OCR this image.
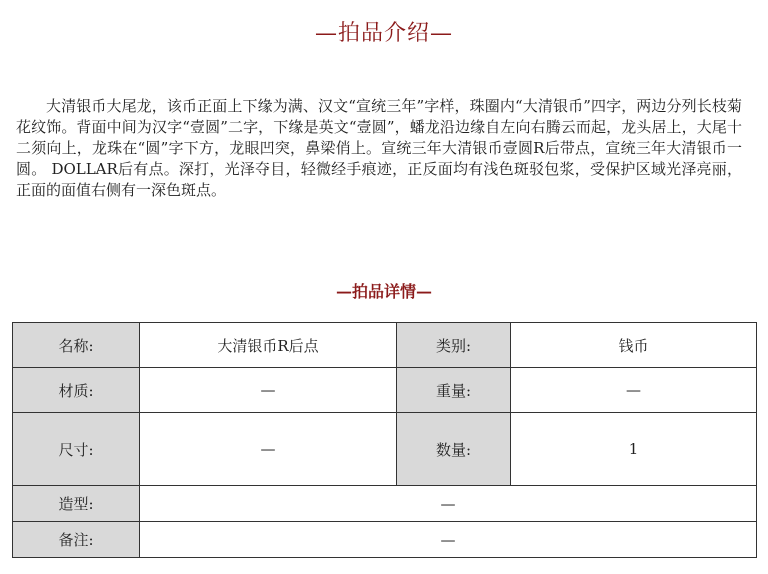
—拍品介绍—

大清银币大尾龙，该币正面上下缘为满、汉文“宣统三年”字样，珠圈内“大清银币”四字，两边分列长枝菊花纹饰。背面中间为汉字“壹圆”二字，下缘是英文“壹圆”，蟠龙沿边缘自左向右腾云而起，龙头居上，大尾十二须向上，龙珠在“圆”字下方，龙眼凹突，鼻梁俏上。宣统三年大清银币壹圆R后带点，宣统三年大清银币一圆。 DOLLAR后有点。深打，光泽夺目，轻微经手痕迹，正反面均有浅色斑驳包浆，受保护区域光泽亮丽，正面的面值右侧有一深色斑点。

—拍品详情—
名称:	大清银币R后点	类别:	钱币
材质:	—	重量:	—
尺寸:	—	数量:	1
造型:	—		
备注:	—		
